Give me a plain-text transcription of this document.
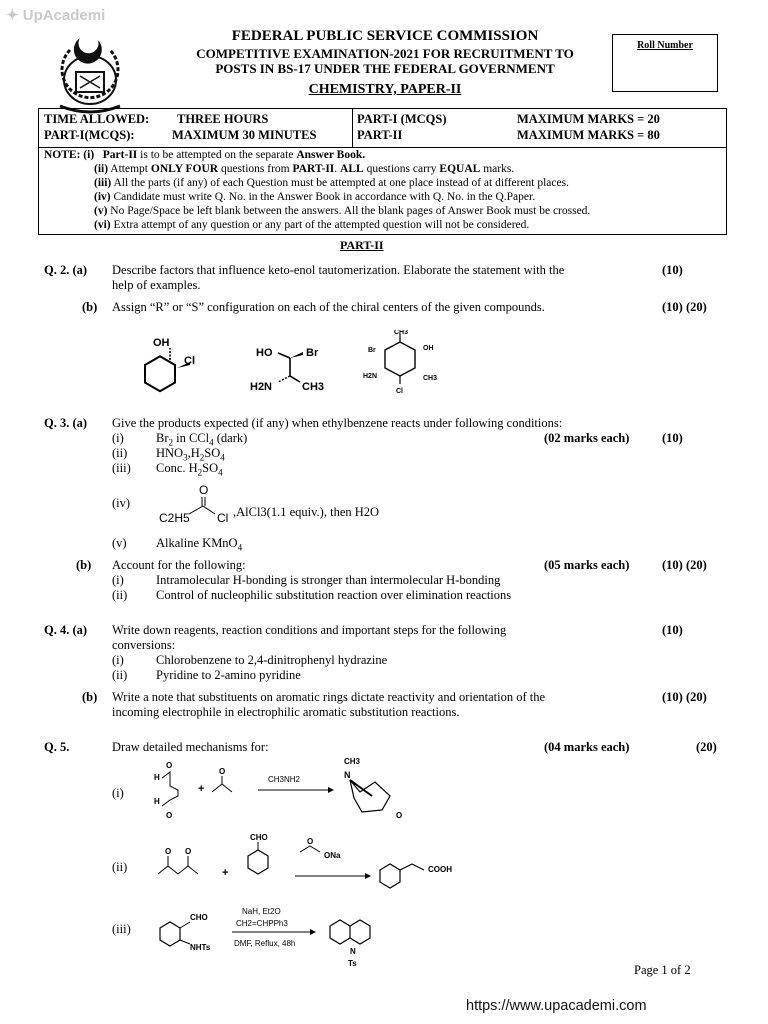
✦ UpAcademi
FEDERAL PUBLIC SERVICE COMMISSION
COMPETITIVE EXAMINATION-2021 FOR RECRUITMENT TO
POSTS IN BS-17 UNDER THE FEDERAL GOVERNMENT
CHEMISTRY, PAPER-II
Roll Number
TIME ALLOWED: THREE HOURS
PART-I(MCQS):	MAXIMUM 30 MINUTES
PART-I (MCQS)	MAXIMUM MARKS = 20
PART-II	MAXIMUM MARKS = 80
NOTE: (i) Part-II is to be attempted on the separate Answer Book.
(ii) Attempt ONLY FOUR questions from PART-II. ALL questions carry EQUAL marks.
(iii) All the parts (if any) of each Question must be attempted at one place instead of at different places.
(iv) Candidate must write Q. No. in the Answer Book in accordance with Q. No. in the Q.Paper.
(v) No Page/Space be left blank between the answers. All the blank pages of Answer Book must be crossed.
(vi) Extra attempt of any question or any part of the attempted question will not be considered.
PART-II
Q. 2. (a) Describe factors that influence keto-enol tautomerization. Elaborate the statement with the
help of examples.
(10)
(b) Assign “R” or “S” configuration on each of the chiral centers of the given compounds.	(10) (20)
OH
Cl
HO	Br
H2N	CH3
CH3
Br	OH
H2N	CH3
Cl
Q. 3. (a) Give the products expected (if any) when ethylbenzene reacts under following conditions:
(i)	$Br_2$ in CCl$_4$ (dark)	(02 marks each)	(10)
(ii) $HNO_3,H_2SO_4$
(iii) Conc. $H_2SO_4$
(iv)
C2H5
O
Cl ,AlCl3(1.1 equiv.), then H2O
(v) Alkaline KMnO$_4$
(b) Account for the following:	(05 marks each)	(10) (20)
(i)	Intramolecular H-bonding is stronger than intermolecular H-bonding
(ii) Control of nucleophilic substitution reaction over elimination reactions
Q. 4. (a) Write down reagents, reaction conditions and important steps for the following
conversions:
(10)
(i)	Chlorobenzene to 2,4-dinitrophenyl hydrazine
(ii) Pyridine to 2-amino pyridine
(b) Write a note that substituents on aromatic rings dictate reactivity and orientation of the
incoming electrophile in electrophilic aromatic substitution reactions.
(10) (20)
Q. 5.	Draw detailed mechanisms for:	(04 marks each)	(20)
(i)
H
H
O
O
+
O
CH3NH2
CH3
N
O
(ii)
O O
+
CHO	O
ONa
COOH
(iii)
CHO
NHTs
NaH, Et2O
CH2=CHPPh3
DMF, Reflux, 48h
N
Ts	Page 1 of 2
https://www.upacademi.com
